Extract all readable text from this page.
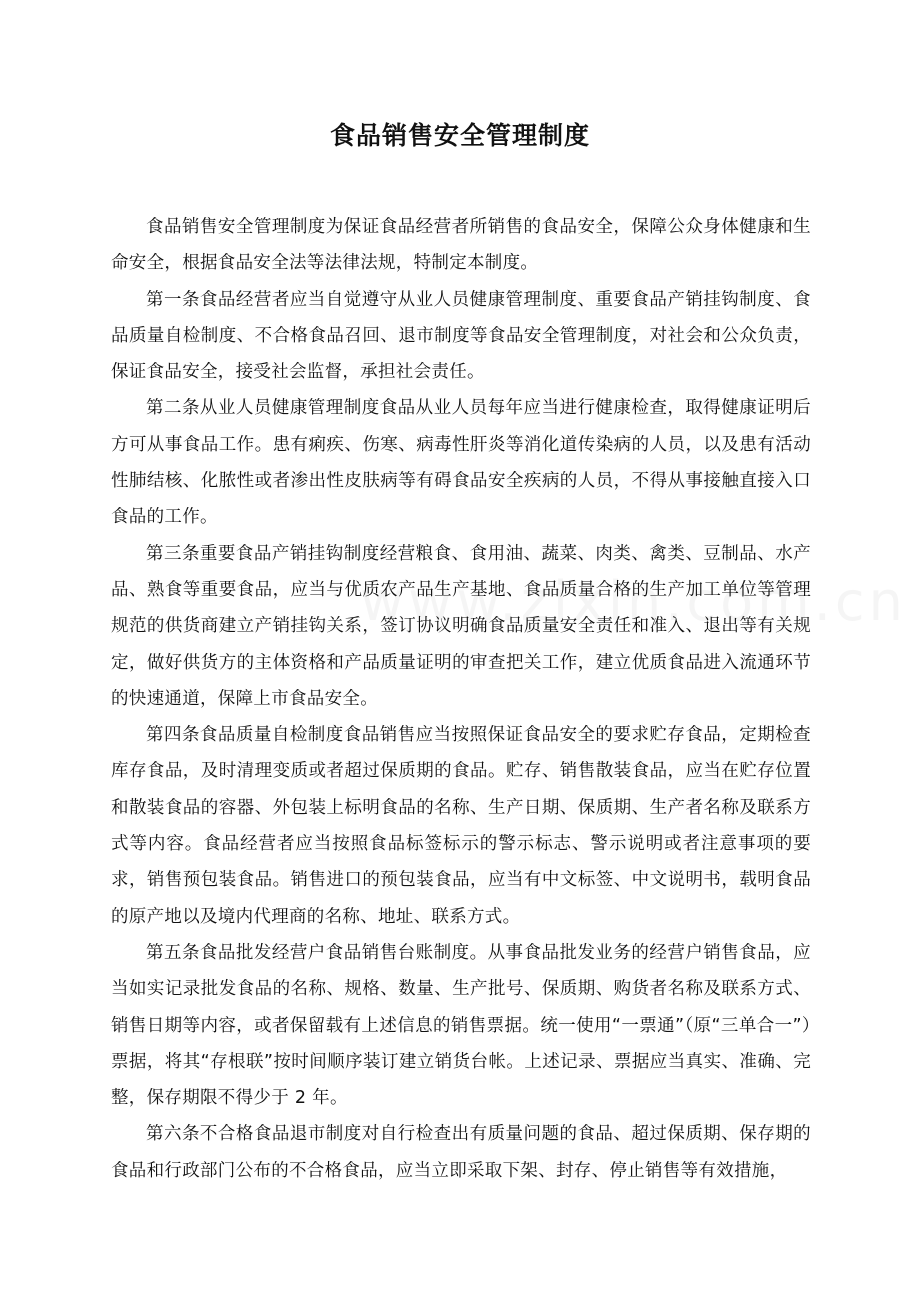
食品销售安全管理制度

食品销售安全管理制度为保证食品经营者所销售的食品安全，保障公众身体健康和生命安全，根据食品安全法等法律法规，特制定本制度。

第一条食品经营者应当自觉遵守从业人员健康管理制度、重要食品产销挂钩制度、食品质量自检制度、不合格食品召回、退市制度等食品安全管理制度，对社会和公众负责，保证食品安全，接受社会监督，承担社会责任。

第二条从业人员健康管理制度食品从业人员每年应当进行健康检查，取得健康证明后方可从事食品工作。患有痢疾、伤寒、病毒性肝炎等消化道传染病的人员，以及患有活动性肺结核、化脓性或者渗出性皮肤病等有碍食品安全疾病的人员，不得从事接触直接入口食品的工作。

第三条重要食品产销挂钩制度经营粮食、食用油、蔬菜、肉类、禽类、豆制品、水产品、熟食等重要食品，应当与优质农产品生产基地、食品质量合格的生产加工单位等管理规范的供货商建立产销挂钩关系，签订协议明确食品质量安全责任和准入、退出等有关规定，做好供货方的主体资格和产品质量证明的审查把关工作，建立优质食品进入流通环节的快速通道，保障上市食品安全。

第四条食品质量自检制度食品销售应当按照保证食品安全的要求贮存食品，定期检查库存食品，及时清理变质或者超过保质期的食品。贮存、销售散装食品，应当在贮存位置和散装食品的容器、外包装上标明食品的名称、生产日期、保质期、生产者名称及联系方式等内容。食品经营者应当按照食品标签标示的警示标志、警示说明或者注意事项的要求，销售预包装食品。销售进口的预包装食品，应当有中文标签、中文说明书，载明食品的原产地以及境内代理商的名称、地址、联系方式。

第五条食品批发经营户食品销售台账制度。从事食品批发业务的经营户销售食品，应当如实记录批发食品的名称、规格、数量、生产批号、保质期、购货者名称及联系方式、销售日期等内容，或者保留载有上述信息的销售票据。统一使用“一票通”（原“三单合一”）票据，将其“存根联”按时间顺序装订建立销货台帐。上述记录、票据应当真实、准确、完整，保存期限不得少于 2 年。

第六条不合格食品退市制度对自行检查出有质量问题的食品、超过保质期、保存期的食品和行政部门公布的不合格食品，应当立即采取下架、封存、停止销售等有效措施，
